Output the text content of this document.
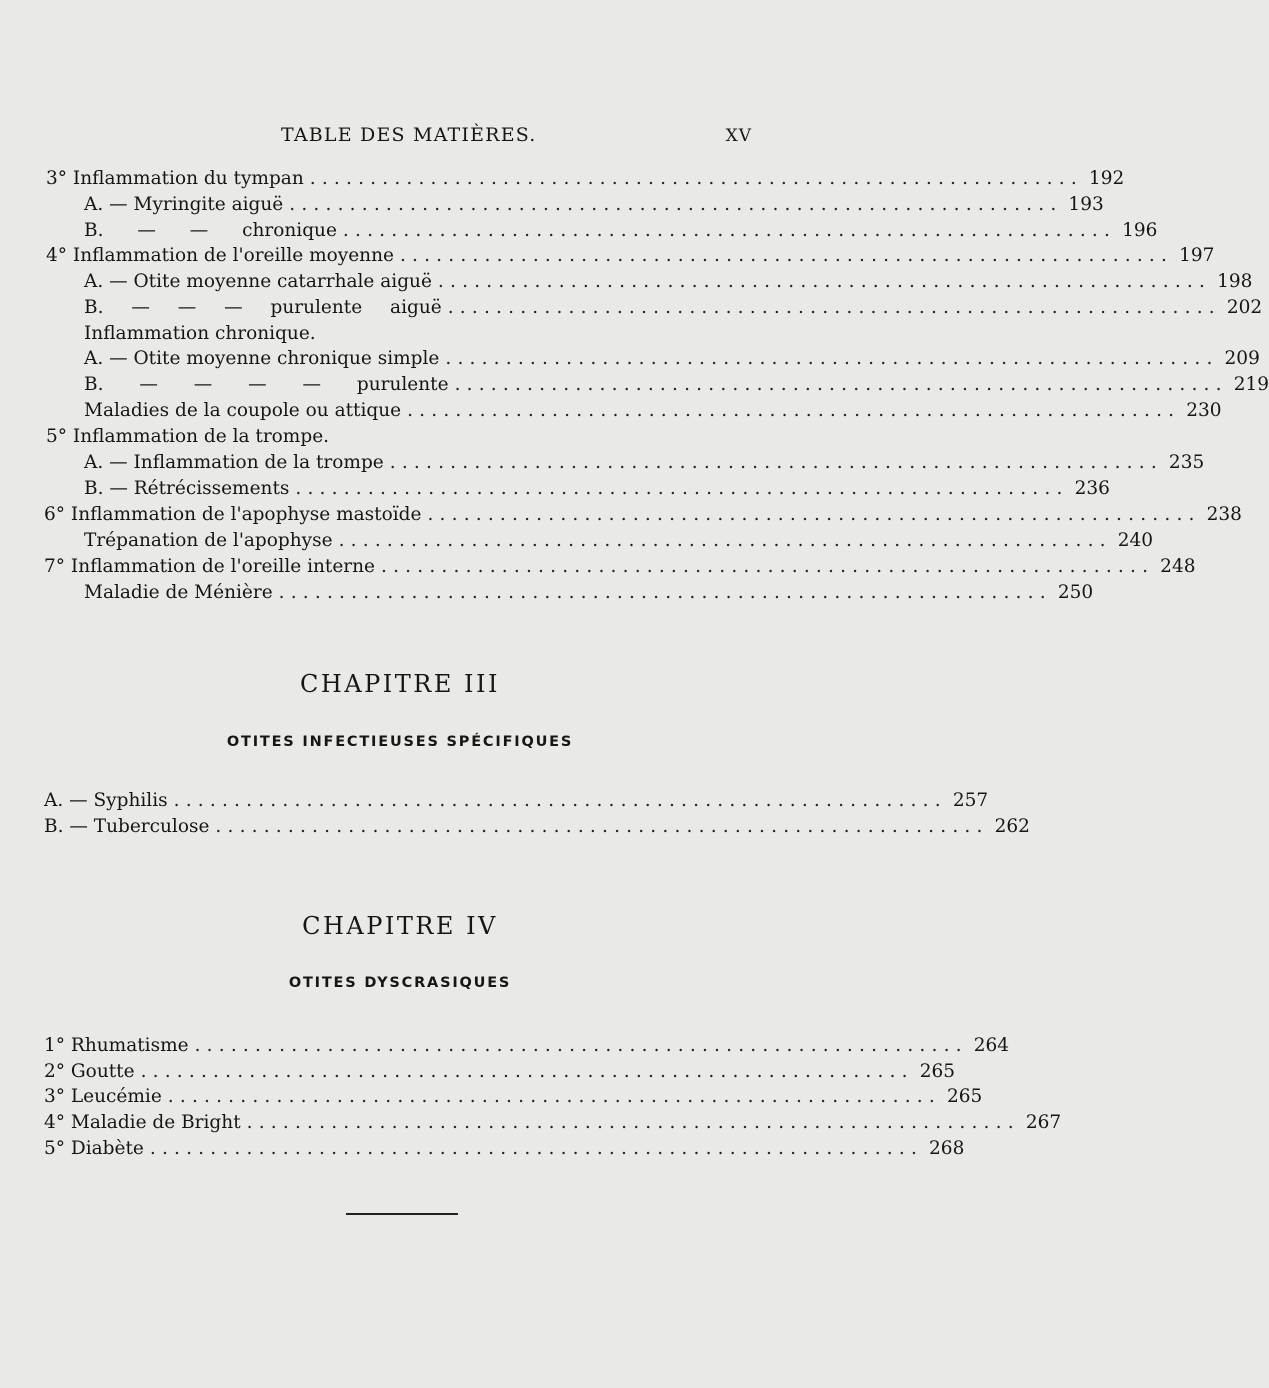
TABLE DES MATIÈRES.	XV
3° Inflammation du tympan ................................................................ 192
A. — Myringite aiguë ................................................................ 193
B. — — chronique ................................................................ 196
4° Inflammation de l'oreille moyenne ................................................................ 197
A. — Otite moyenne catarrhale aiguë ................................................................ 198
B. — — — purulente aiguë ................................................................ 202
Inflammation chronique.
A. — Otite moyenne chronique simple ................................................................ 209
B. — — — — purulente ................................................................ 219
Maladies de la coupole ou attique ................................................................ 230
5° Inflammation de la trompe.
A. — Inflammation de la trompe ................................................................ 235
B. — Rétrécissements ................................................................ 236
6° Inflammation de l'apophyse mastoïde ................................................................ 238
Trépanation de l'apophyse ................................................................ 240
7° Inflammation de l'oreille interne ................................................................ 248
Maladie de Ménière ................................................................ 250
CHAPITRE III
OTITES INFECTIEUSES SPÉCIFIQUES
A. — Syphilis ................................................................ 257
B. — Tuberculose ................................................................ 262
CHAPITRE IV
OTITES DYSCRASIQUES
1° Rhumatisme ................................................................ 264
2° Goutte ................................................................ 265
3° Leucémie ................................................................ 265
4° Maladie de Bright ................................................................ 267
5° Diabète ................................................................ 268
